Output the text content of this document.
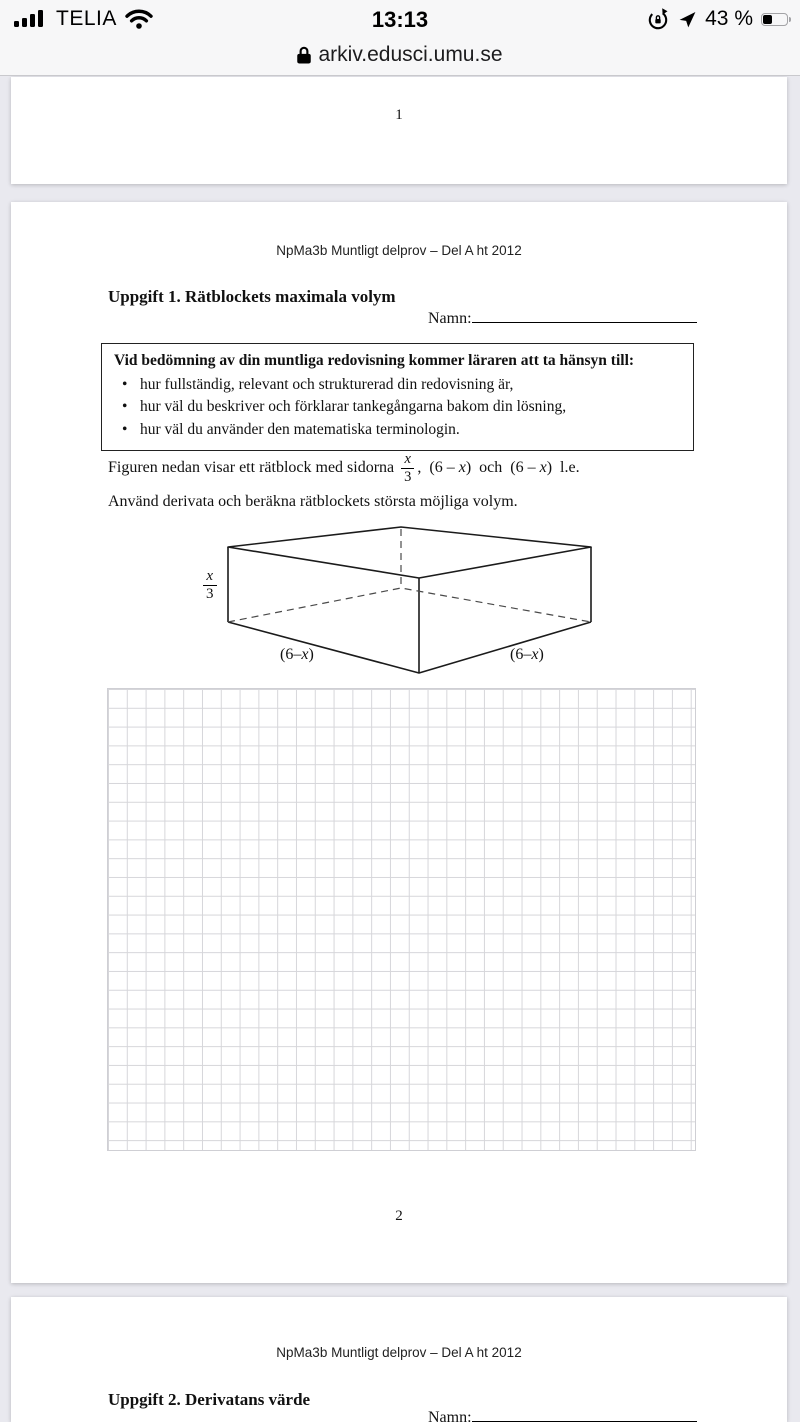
TELIA	13:13	43 %
arkiv.edusci.umu.se
1
NpMa3b Muntligt delprov – Del A ht 2012
Uppgift 1. Rätblockets maximala volym
Namn:
Vid bedömning av din muntliga redovisning kommer läraren att ta hänsyn till:
• hur fullständig, relevant och strukturerad din redovisning är,
• hur väl du beskriver och förklarar tankegångarna bakom din lösning,
• hur väl du använder den matematiska terminologin.
Figuren nedan visar ett rätblock med sidorna $\frac{x}{3}$ , (6 – x ) och (6 – x ) l.e.
Använd derivata och beräkna rätblockets största möjliga volym.
$\frac{x}{3}$
(6–x)	(6–x)
2
NpMa3b Muntligt delprov – Del A ht 2012
Uppgift 2. Derivatans värde
Namn:
